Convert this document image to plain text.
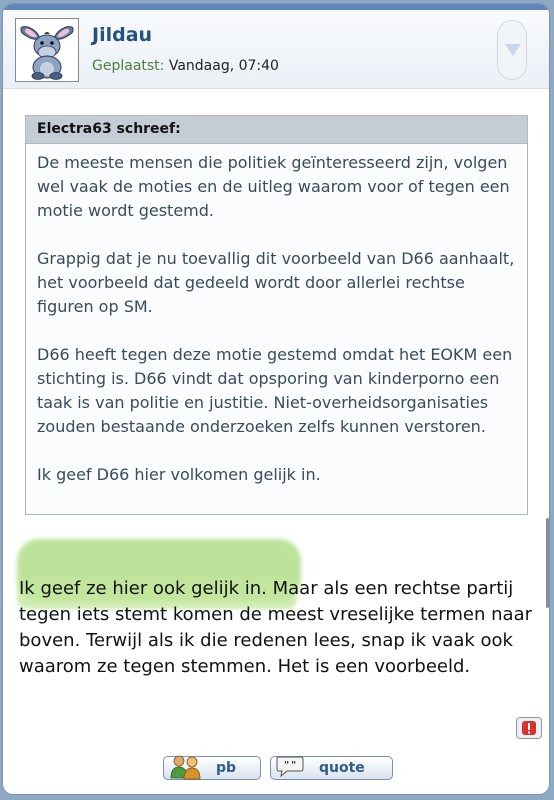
Jildau
Geplaatst: Vandaag, 07:40
Electra63 schreef:

De meeste mensen die politiek geïnteresseerd zijn, volgen wel vaak de moties en de uitleg waarom voor of tegen een motie wordt gestemd.

Grappig dat je nu toevallig dit voorbeeld van D66 aanhaalt, het voorbeeld dat gedeeld wordt door allerlei rechtse figuren op SM.

D66 heeft tegen deze motie gestemd omdat het EOKM een stichting is. D66 vindt dat opsporing van kinderporno een taak is van politie en justitie. Niet-overheidsorganisaties zouden bestaande onderzoeken zelfs kunnen verstoren.

Ik geef D66 hier volkomen gelijk in.

Ik geef ze hier ook gelijk in. Maar als een rechtse partij tegen iets stemt komen de meest vreselijke termen naar boven. Terwijl als ik die redenen lees, snap ik vaak ook waarom ze tegen stemmen. Het is een voorbeeld.
pb	" " quote
